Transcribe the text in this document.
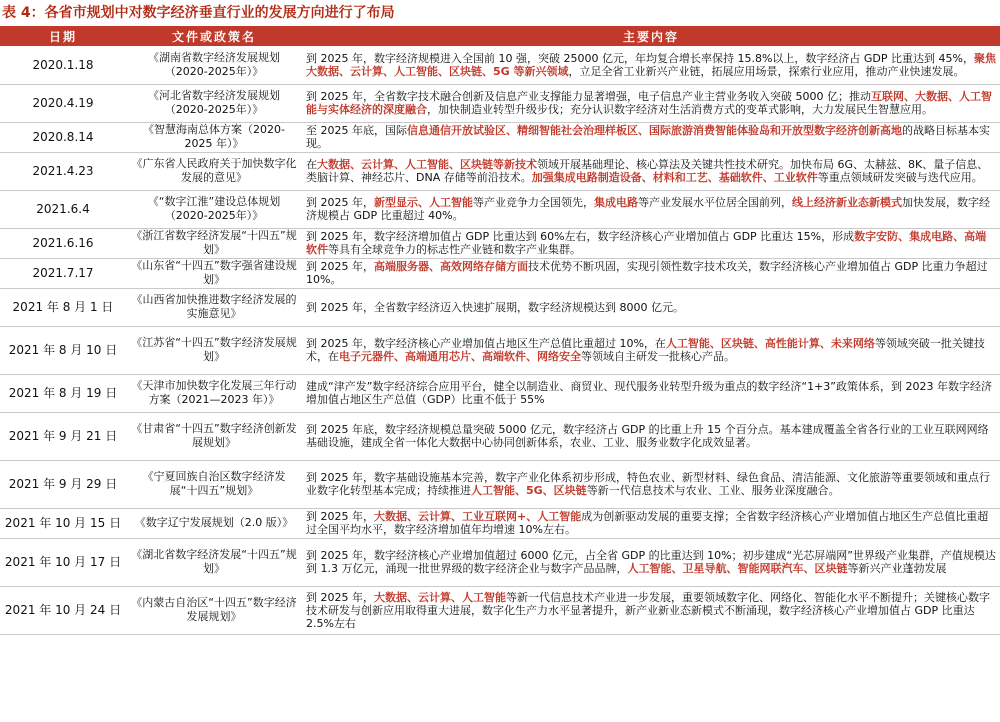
表 4：各省市规划中对数字经济垂直行业的发展方向进行了布局
日期	文件或政策名	主要内容
2020.1.18	《湖南省数字经济发展规划（2020-2025年）》	到 2025 年，数字经济规模进入全国前 10 强，突破 25000 亿元，年均复合增长率保持 15.8%以上，数字经济占 GDP 比重达到 45%，聚焦大数据、云计算、人工智能、区块链、5G 等新兴领域，立足全省工业新兴产业链，拓展应用场景，探索行业应用，推动产业快速发展。
2020.4.19	《河北省数字经济发展规划（2020-2025年）》	到 2025 年，全省数字技术融合创新及信息产业支撑能力显著增强，电子信息产业主营业务收入突破 5000 亿；推动互联网、大数据、人工智能与实体经济的深度融合，加快制造业转型升级步伐；充分认识数字经济对生活消费方式的变革式影响，大力发展民生智慧应用。
2020.8.14	《智慧海南总体方案（2020-2025 年）》	至 2025 年底，国际信息通信开放试验区、精细智能社会治理样板区、国际旅游消费智能体验岛和开放型数字经济创新高地的战略目标基本实现。
2021.4.23	《广东省人民政府关于加快数字化发展的意见》	在大数据、云计算、人工智能、区块链等新技术领域开展基础理论、核心算法及关键共性技术研究。加快布局 6G、太赫兹、8K、量子信息、类脑计算、神经芯片、DNA 存储等前沿技术。加强集成电路制造设备、材料和工艺、基础软件、工业软件等重点领域研发突破与迭代应用。
2021.6.4	《“数字江淮”建设总体规划（2020-2025年）》	到 2025 年，新型显示、人工智能等产业竞争力全国领先，集成电路等产业发展水平位居全国前列，线上经济新业态新模式加快发展，数字经济规模占 GDP 比重超过 40%。
2021.6.16	《浙江省数字经济发展“十四五”规划》	到 2025 年，数字经济增加值占 GDP 比重达到 60%左右，数字经济核心产业增加值占 GDP 比重达 15%，形成数字安防、集成电路、高端软件等具有全球竞争力的标志性产业链和数字产业集群。
2021.7.17	《山东省“十四五”数字强省建设规划》	到 2025 年，高端服务器、高效网络存储方面技术优势不断巩固，实现引领性数字技术攻关，数字经济核心产业增加值占 GDP 比重力争超过 10%。
2021 年 8 月 1 日	《山西省加快推进数字经济发展的实施意见》	到 2025 年，全省数字经济迈入快速扩展期，数字经济规模达到 8000 亿元。
2021 年 8 月 10 日	《江苏省“十四五”数字经济发展规划》	到 2025 年，数字经济核心产业增加值占地区生产总值比重超过 10%，在人工智能、区块链、高性能计算、未来网络等领域突破一批关键技术，在电子元器件、高端通用芯片、高端软件、网络安全等领域自主研发一批核心产品。
2021 年 8 月 19 日	《天津市加快数字化发展三年行动方案（2021—2023 年）》	建成“津产发”数字经济综合应用平台，健全以制造业、商贸业、现代服务业转型升级为重点的数字经济“1+3”政策体系，到 2023 年数字经济增加值占地区生产总值（GDP）比重不低于 55%
2021 年 9 月 21 日	《甘肃省“十四五”数字经济创新发展规划》	到 2025 年底，数字经济规模总量突破 5000 亿元，数字经济占 GDP 的比重上升 15 个百分点。基本建成覆盖全省各行业的工业互联网网络基础设施，建成全省一体化大数据中心协同创新体系，农业、工业、服务业数字化成效显著。
2021 年 9 月 29 日	《宁夏回族自治区数字经济发展“十四五”规划》	到 2025 年，数字基础设施基本完善，数字产业化体系初步形成，特色农业、新型材料、绿色食品、清洁能源、文化旅游等重要领域和重点行业数字化转型基本完成；持续推进人工智能、5G、区块链等新一代信息技术与农业、工业、服务业深度融合。
2021 年 10 月 15 日	《数字辽宁发展规划（2.0 版）》	到 2025 年，大数据、云计算、工业互联网+、人工智能成为创新驱动发展的重要支撑；全省数字经济核心产业增加值占地区生产总值比重超过全国平均水平，数字经济增加值年均增速 10%左右。
2021 年 10 月 17 日	《湖北省数字经济发展“十四五”规划》	到 2025 年，数字经济核心产业增加值超过 6000 亿元，占全省 GDP 的比重达到 10%；初步建成“光芯屏端网”世界级产业集群，产值规模达到 1.3 万亿元，涌现一批世界级的数字经济企业与数字产品品牌，人工智能、卫星导航、智能网联汽车、区块链等新兴产业蓬勃发展
2021 年 10 月 24 日	《内蒙古自治区“十四五”数字经济发展规划》	到 2025 年，大数据、云计算、人工智能等新一代信息技术产业进一步发展，重要领域数字化、网络化、智能化水平不断提升；关键核心数字技术研发与创新应用取得重大进展，数字化生产力水平显著提升，新产业新业态新模式不断涌现，数字经济核心产业增加值占 GDP 比重达 2.5%左右
